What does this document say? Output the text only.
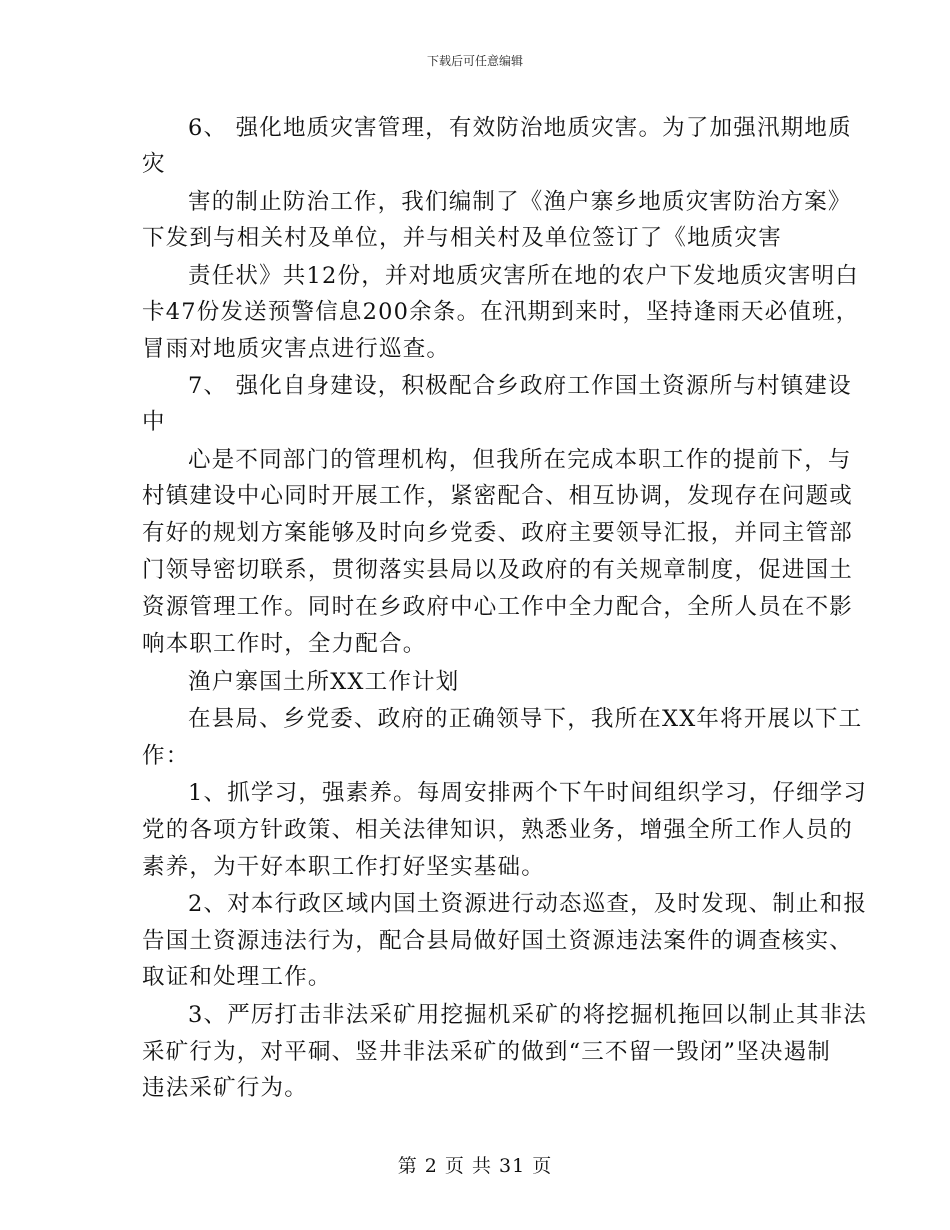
下载后可任意编辑
6、 强化地质灾害管理，有效防治地质灾害。为了加强汛期地质
灾
害的制止防治工作，我们编制了《渔户寨乡地质灾害防治方案》
下发到与相关村及单位，并与相关村及单位签订了《地质灾害
责任状》共12份，并对地质灾害所在地的农户下发地质灾害明白
卡47份发送预警信息200余条。在汛期到来时，坚持逢雨天必值班，
冒雨对地质灾害点进行巡查。
7、 强化自身建设，积极配合乡政府工作国土资源所与村镇建设
中
心是不同部门的管理机构，但我所在完成本职工作的提前下，与
村镇建设中心同时开展工作，紧密配合、相互协调，发现存在问题或
有好的规划方案能够及时向乡党委、政府主要领导汇报，并同主管部
门领导密切联系，贯彻落实县局以及政府的有关规章制度，促进国土
资源管理工作。同时在乡政府中心工作中全力配合，全所人员在不影
响本职工作时，全力配合。
渔户寨国土所XX工作计划
在县局、乡党委、政府的正确领导下，我所在XX年将开展以下工
作：
1、抓学习，强素养。每周安排两个下午时间组织学习，仔细学习
党的各项方针政策、相关法律知识，熟悉业务，增强全所工作人员的
素养，为干好本职工作打好坚实基础。
2、对本行政区域内国土资源进行动态巡查，及时发现、制止和报
告国土资源违法行为，配合县局做好国土资源违法案件的调查核实、
取证和处理工作。
3、严厉打击非法采矿用挖掘机采矿的将挖掘机拖回以制止其非法
采矿行为，对平硐、竖井非法采矿的做到“三不留一毁闭”坚决遏制
违法采矿行为。
第 2 页 共 31 页
